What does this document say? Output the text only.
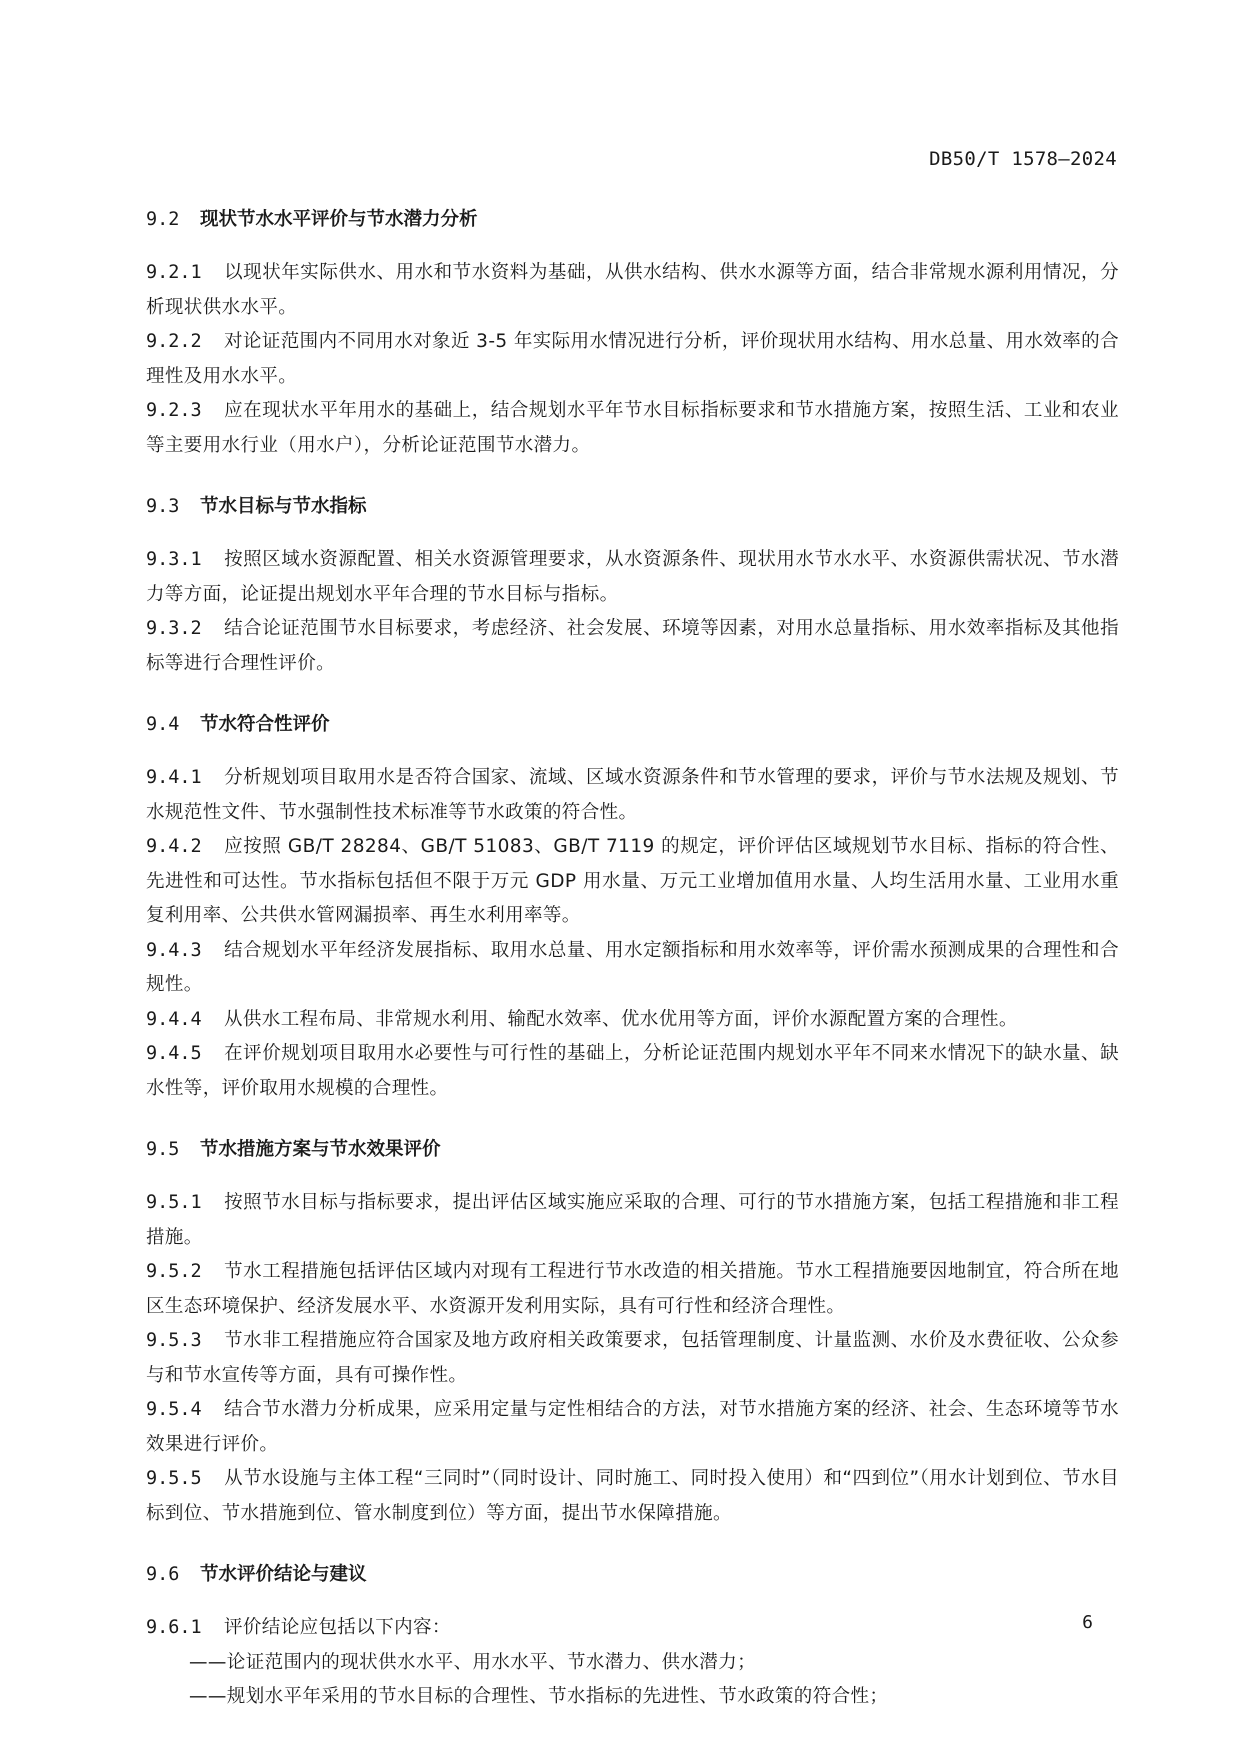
DB50/T 1578—2024
9.2 现状节水水平评价与节水潜力分析
9.2.1 以现状年实际供水、用水和节水资料为基础，从供水结构、供水水源等方面，结合非常规水源利用情况，分析现状供水水平。
9.2.2 对论证范围内不同用水对象近 3-5 年实际用水情况进行分析，评价现状用水结构、用水总量、用水效率的合理性及用水水平。
9.2.3 应在现状水平年用水的基础上，结合规划水平年节水目标指标要求和节水措施方案，按照生活、工业和农业等主要用水行业（用水户），分析论证范围节水潜力。
9.3 节水目标与节水指标
9.3.1 按照区域水资源配置、相关水资源管理要求，从水资源条件、现状用水节水水平、水资源供需状况、节水潜力等方面，论证提出规划水平年合理的节水目标与指标。
9.3.2 结合论证范围节水目标要求，考虑经济、社会发展、环境等因素，对用水总量指标、用水效率指标及其他指标等进行合理性评价。
9.4 节水符合性评价
9.4.1 分析规划项目取用水是否符合国家、流域、区域水资源条件和节水管理的要求，评价与节水法规及规划、节水规范性文件、节水强制性技术标准等节水政策的符合性。
9.4.2 应按照 GB/T 28284、GB/T 51083、GB/T 7119 的规定，评价评估区域规划节水目标、指标的符合性、先进性和可达性。节水指标包括但不限于万元 GDP 用水量、万元工业增加值用水量、人均生活用水量、工业用水重复利用率、公共供水管网漏损率、再生水利用率等。
9.4.3 结合规划水平年经济发展指标、取用水总量、用水定额指标和用水效率等，评价需水预测成果的合理性和合规性。
9.4.4 从供水工程布局、非常规水利用、输配水效率、优水优用等方面，评价水源配置方案的合理性。
9.4.5 在评价规划项目取用水必要性与可行性的基础上，分析论证范围内规划水平年不同来水情况下的缺水量、缺水性等，评价取用水规模的合理性。
9.5 节水措施方案与节水效果评价
9.5.1 按照节水目标与指标要求，提出评估区域实施应采取的合理、可行的节水措施方案，包括工程措施和非工程措施。
9.5.2 节水工程措施包括评估区域内对现有工程进行节水改造的相关措施。节水工程措施要因地制宜，符合所在地区生态环境保护、经济发展水平、水资源开发利用实际，具有可行性和经济合理性。
9.5.3 节水非工程措施应符合国家及地方政府相关政策要求，包括管理制度、计量监测、水价及水费征收、公众参与和节水宣传等方面，具有可操作性。
9.5.4 结合节水潜力分析成果，应采用定量与定性相结合的方法，对节水措施方案的经济、社会、生态环境等节水效果进行评价。
9.5.5 从节水设施与主体工程“三同时”（同时设计、同时施工、同时投入使用）和“四到位”（用水计划到位、节水目标到位、节水措施到位、管水制度到位）等方面，提出节水保障措施。
9.6 节水评价结论与建议
9.6.1 评价结论应包括以下内容：
——论证范围内的现状供水水平、用水水平、节水潜力、供水潜力；
——规划水平年采用的节水目标的合理性、节水指标的先进性、节水政策的符合性；
6
